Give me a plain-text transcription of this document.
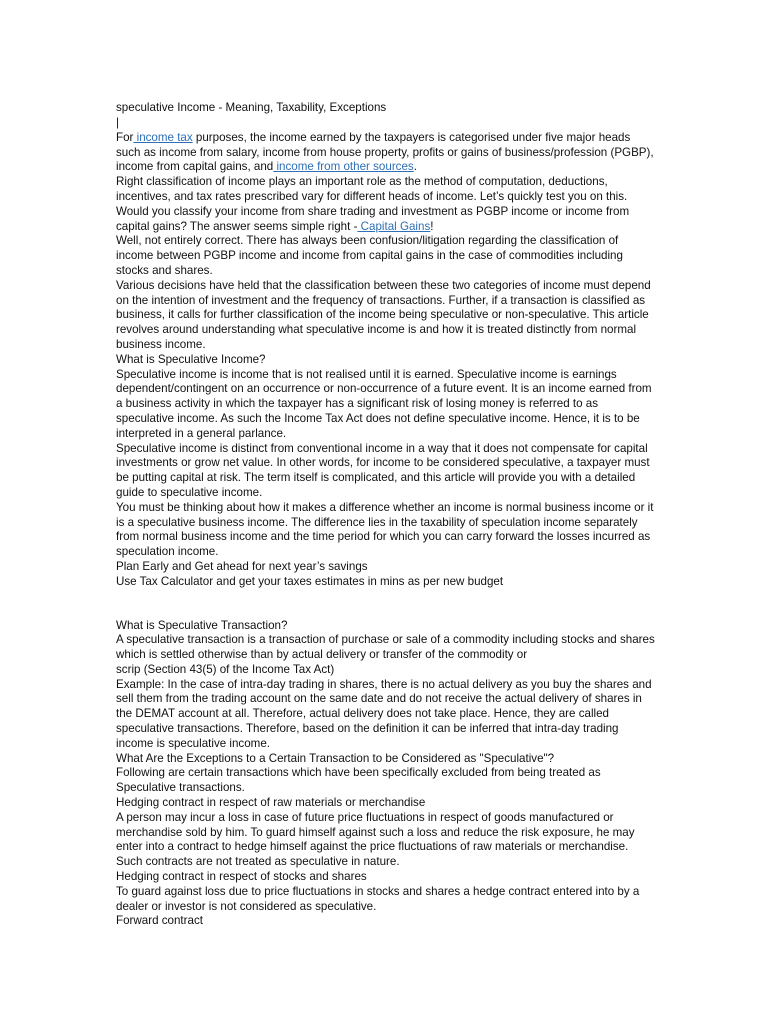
speculative Income - Meaning, Taxability, Exceptions

|

For income tax purposes, the income earned by the taxpayers is categorised under five major heads such as income from salary, income from house property, profits or gains of business/profession (PGBP), income from capital gains, and income from other sources.

Right classification of income plays an important role as the method of computation, deductions, incentives, and tax rates prescribed vary for different heads of income. Let’s quickly test you on this.

Would you classify your income from share trading and investment as PGBP income or income from capital gains? The answer seems simple right - Capital Gains!

Well, not entirely correct. There has always been confusion/litigation regarding the classification of income between PGBP income and income from capital gains in the case of commodities including stocks and shares.

Various decisions have held that the classification between these two categories of income must depend on the intention of investment and the frequency of transactions. Further, if a transaction is classified as business, it calls for further classification of the income being speculative or non-speculative. This article revolves around understanding what speculative income is and how it is treated distinctly from normal business income.

What is Speculative Income?

Speculative income is income that is not realised until it is earned. Speculative income is earnings dependent/contingent on an occurrence or non-occurrence of a future event. It is an income earned from a business activity in which the taxpayer has a significant risk of losing money is referred to as speculative income. As such the Income Tax Act does not define speculative income. Hence, it is to be interpreted in a general parlance.

Speculative income is distinct from conventional income in a way that it does not compensate for capital investments or grow net value. In other words, for income to be considered speculative, a taxpayer must be putting capital at risk. The term itself is complicated, and this article will provide you with a detailed guide to speculative income.

You must be thinking about how it makes a difference whether an income is normal business income or it is a speculative business income. The difference lies in the taxability of speculation income separately from normal business income and the time period for which you can carry forward the losses incurred as speculation income.

Plan Early and Get ahead for next year’s savings

Use Tax Calculator and get your taxes estimates in mins as per new budget

What is Speculative Transaction?

A speculative transaction is a transaction of purchase or sale of a commodity including stocks and shares which is settled otherwise than by actual delivery or transfer of the commodity or

scrip (Section 43(5) of the Income Tax Act)

Example: In the case of intra-day trading in shares, there is no actual delivery as you buy the shares and sell them from the trading account on the same date and do not receive the actual delivery of shares in the DEMAT account at all. Therefore, actual delivery does not take place. Hence, they are called speculative transactions. Therefore, based on the definition it can be inferred that intra-day trading income is speculative income.

What Are the Exceptions to a Certain Transaction to be Considered as "Speculative"?

Following are certain transactions which have been specifically excluded from being treated as Speculative transactions.

Hedging contract in respect of raw materials or merchandise

A person may incur a loss in case of future price fluctuations in respect of goods manufactured or merchandise sold by him. To guard himself against such a loss and reduce the risk exposure, he may enter into a contract to hedge himself against the price fluctuations of raw materials or merchandise. Such contracts are not treated as speculative in nature.

Hedging contract in respect of stocks and shares

To guard against loss due to price fluctuations in stocks and shares a hedge contract entered into by a dealer or investor is not considered as speculative.

Forward contract
